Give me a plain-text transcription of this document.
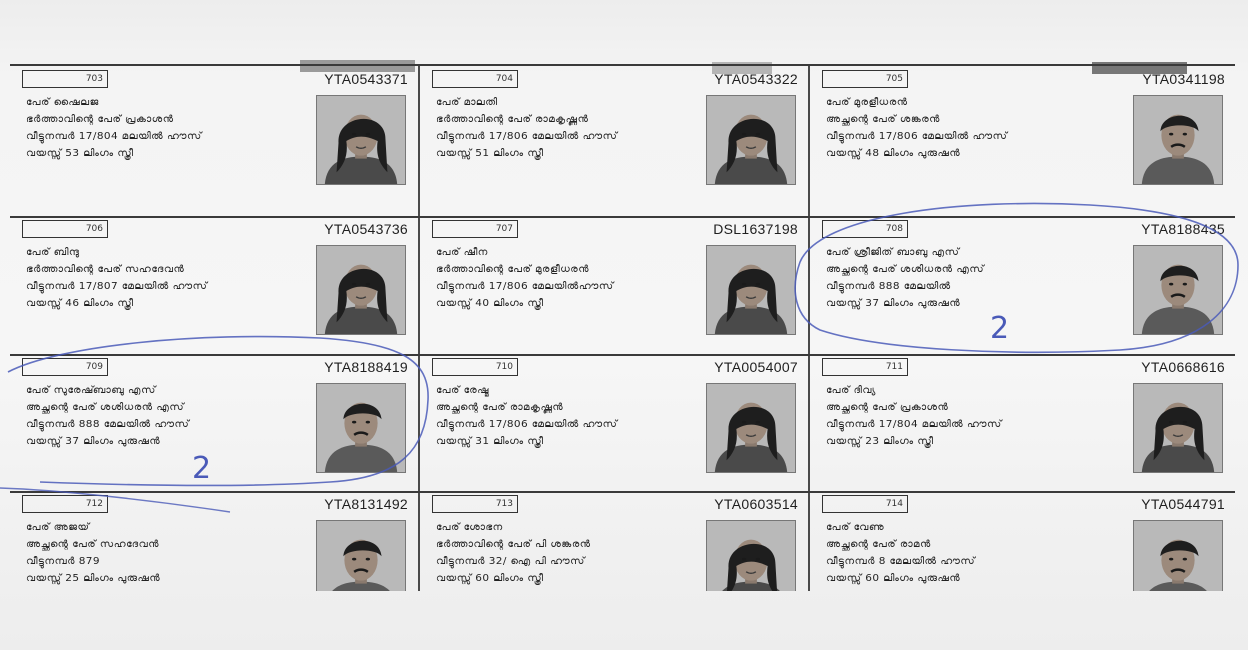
703	YTA0543371
പേര് ഷൈലജ
ഭർത്താവിന്റെ പേര് പ്രകാശൻ
വീട്ടുനമ്പർ 17/804 മലയിൽ ഹൗസ്
വയസ്സ് 53 ലിംഗം സ്ത്രീ
704	YTA0543322
പേര് മാലതി
ഭർത്താവിന്റെ പേര് രാമകൃഷ്ണൻ
വീട്ടുനമ്പർ 17/806 മേലയിൽ ഹൗസ്
വയസ്സ് 51 ലിംഗം സ്ത്രീ
705	YTA0341198
പേര് മുരളീധരൻ
അച്ഛന്റെ പേര് ശങ്കരൻ
വീട്ടുനമ്പർ 17/806 മേലയിൽ ഹൗസ്
വയസ്സ് 48 ലിംഗം പുരുഷൻ
706	YTA0543736
പേര് ബിന്ദു
ഭർത്താവിന്റെ പേര് സഹദേവൻ
വീട്ടുനമ്പർ 17/807 മേലയിൽ ഹൗസ്
വയസ്സ് 46 ലിംഗം സ്ത്രീ
707	DSL1637198
പേര് ഷീന
ഭർത്താവിന്റെ പേര് മുരളീധരൻ
വീട്ടുനമ്പർ 17/806 മേലയിൽഹൗസ്
വയസ്സ് 40 ലിംഗം സ്ത്രീ
708	YTA8188435
പേര് ശ്രീജിത് ബാബു എസ്
അച്ഛന്റെ പേര് ശശിധരൻ എസ്
വീട്ടുനമ്പർ 888 മേലയിൽ
വയസ്സ് 37 ലിംഗം പുരുഷൻ
709	YTA8188419
പേര് സുരേഷ്ബാബു എസ്
അച്ഛന്റെ പേര് ശശിധരൻ എസ്
വീട്ടുനമ്പർ 888 മേലയിൽ ഹൗസ്
വയസ്സ് 37 ലിംഗം പുരുഷൻ
710	YTA0054007
പേര് രേഷ്മ
അച്ഛന്റെ പേര് രാമകൃഷ്ണൻ
വീട്ടുനമ്പർ 17/806 മേലയിൽ ഹൗസ്
വയസ്സ് 31 ലിംഗം സ്ത്രീ
711	YTA0668616
പേര് ദിവ്യ
അച്ഛന്റെ പേര് പ്രകാശൻ
വീട്ടുനമ്പർ 17/804 മലയിൽ ഹൗസ്
വയസ്സ് 23 ലിംഗം സ്ത്രീ
712	YTA8131492
പേര് അജയ്
അച്ഛന്റെ പേര് സഹദേവൻ
വീട്ടുനമ്പർ 879
വയസ്സ് 25 ലിംഗം പുരുഷൻ
713	YTA0603514
പേര് ശോഭന
ഭർത്താവിന്റെ പേര് പി ശങ്കരൻ
വീട്ടുനമ്പർ 32/ ഐ പി ഹൗസ്
വയസ്സ് 60 ലിംഗം സ്ത്രീ
714	YTA0544791
പേര് വേണു
അച്ഛന്റെ പേര് രാമൻ
വീട്ടുനമ്പർ 8 മേലയിൽ ഹൗസ്
വയസ്സ് 60 ലിംഗം പുരുഷൻ
2
2
